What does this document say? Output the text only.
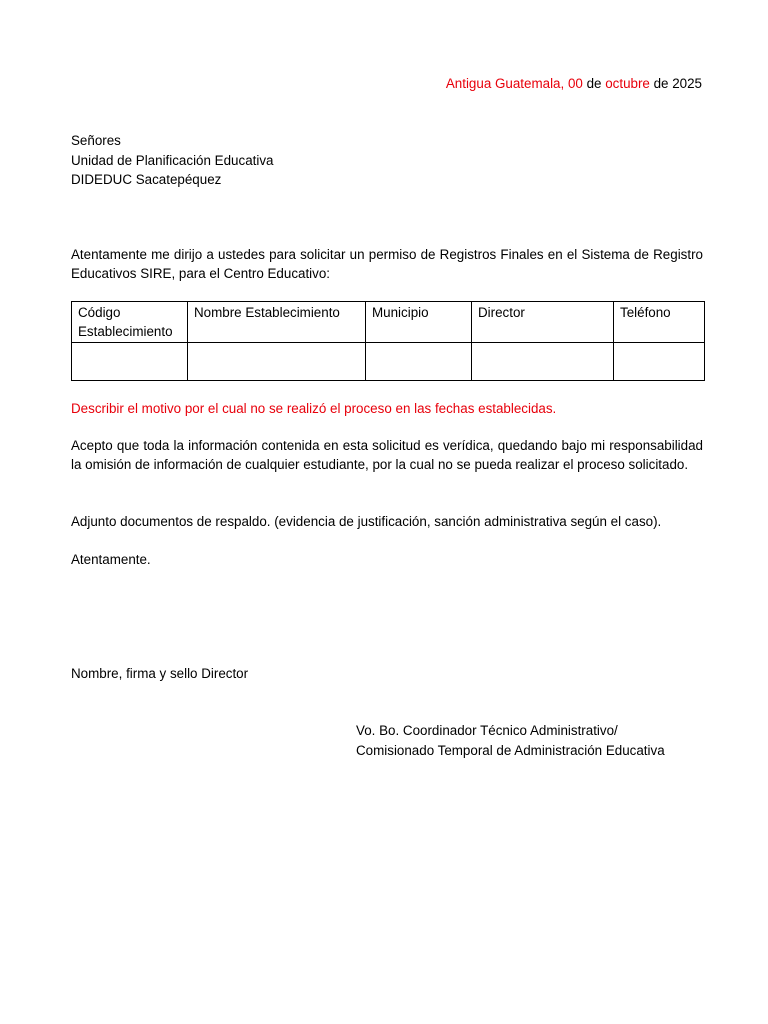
Antigua Guatemala, 00 de octubre de 2025
Señores
Unidad de Planificación Educativa
DIDEDUC Sacatepéquez
Atentamente me dirijo a ustedes para solicitar un permiso de Registros Finales en el Sistema de Registro Educativos SIRE, para el Centro Educativo:
Código Establecimiento	Nombre Establecimiento	Municipio	Director	Teléfono

Describir el motivo por el cual no se realizó el proceso en las fechas establecidas.
Acepto que toda la información contenida en esta solicitud es verídica, quedando bajo mi responsabilidad la omisión de información de cualquier estudiante, por la cual no se pueda realizar el proceso solicitado.
Adjunto documentos de respaldo. (evidencia de justificación, sanción administrativa según el caso).
Atentamente.
Nombre, firma y sello Director
Vo. Bo. Coordinador Técnico Administrativo/
Comisionado Temporal de Administración Educativa
